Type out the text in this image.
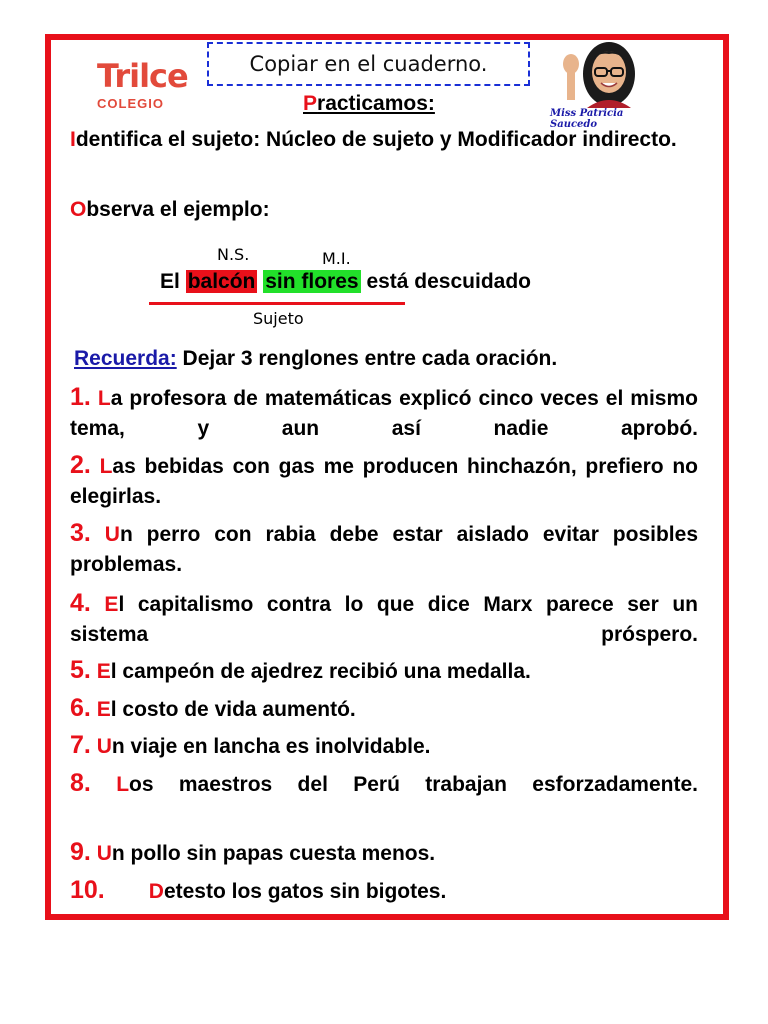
Trilce
COLEGIO
Copiar en el cuaderno.
Miss Patricia Saucedo
Practicamos:
Identifica el sujeto: Núcleo de sujeto y Modificador indirecto.
Observa el ejemplo:
N.S.	M.I.
El balcón sin flores está descuidado
Sujeto
Recuerda: Dejar 3 renglones entre cada oración.
1. La profesora de matemáticas explicó cinco veces el mismo tema, y aun así nadie aprobó.
2. Las bebidas con gas me producen hinchazón, prefiero no elegirlas.
3. Un perro con rabia debe estar aislado evitar posibles problemas.
4. El capitalismo contra lo que dice Marx parece ser un sistema próspero.
5. El campeón de ajedrez recibió una medalla.
6. El costo de vida aumentó.
7. Un viaje en lancha es inolvidable.
8. Los maestros del Perú trabajan esforzadamente.
9. Un pollo sin papas cuesta menos.
10. Detesto los gatos sin bigotes.
